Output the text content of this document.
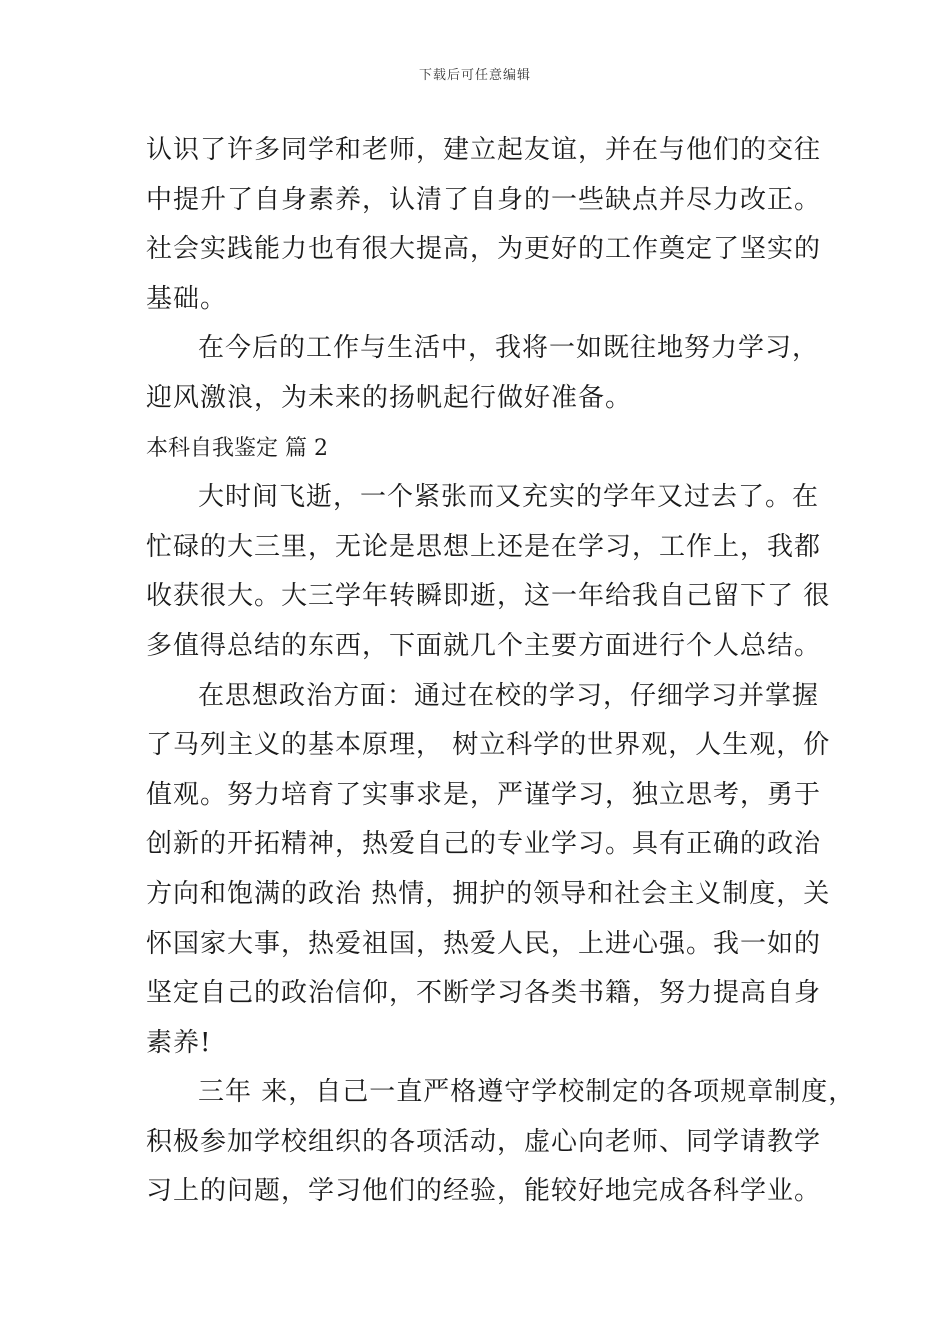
下载后可任意编辑
认识了许多同学和老师，建立起友谊，并在与他们的交往
中提升了自身素养，认清了自身的一些缺点并尽力改正。
社会实践能力也有很大提高，为更好的工作奠定了坚实的
基础。
在今后的工作与生活中，我将一如既往地努力学习，
迎风激浪，为未来的扬帆起行做好准备。
本科自我鉴定 篇 2
大时间飞逝，一个紧张而又充实的学年又过去了。在
忙碌的大三里，无论是思想上还是在学习，工作上，我都
收获很大。大三学年转瞬即逝，这一年给我自己留下了 很
多值得总结的东西，下面就几个主要方面进行个人总结。
在思想政治方面：通过在校的学习，仔细学习并掌握
了马列主义的基本原理， 树立科学的世界观，人生观，价
值观。努力培育了实事求是，严谨学习，独立思考，勇于
创新的开拓精神，热爱自己的专业学习。具有正确的政治
方向和饱满的政治 热情，拥护的领导和社会主义制度，关
怀国家大事，热爱祖国，热爱人民，上进心强。我一如的
坚定自己的政治信仰，不断学习各类书籍，努力提高自身
素养!
三年 来，自己一直严格遵守学校制定的各项规章制度，
积极参加学校组织的各项活动，虚心向老师、同学请教学
习上的问题，学习他们的经验，能较好地完成各科学业。
